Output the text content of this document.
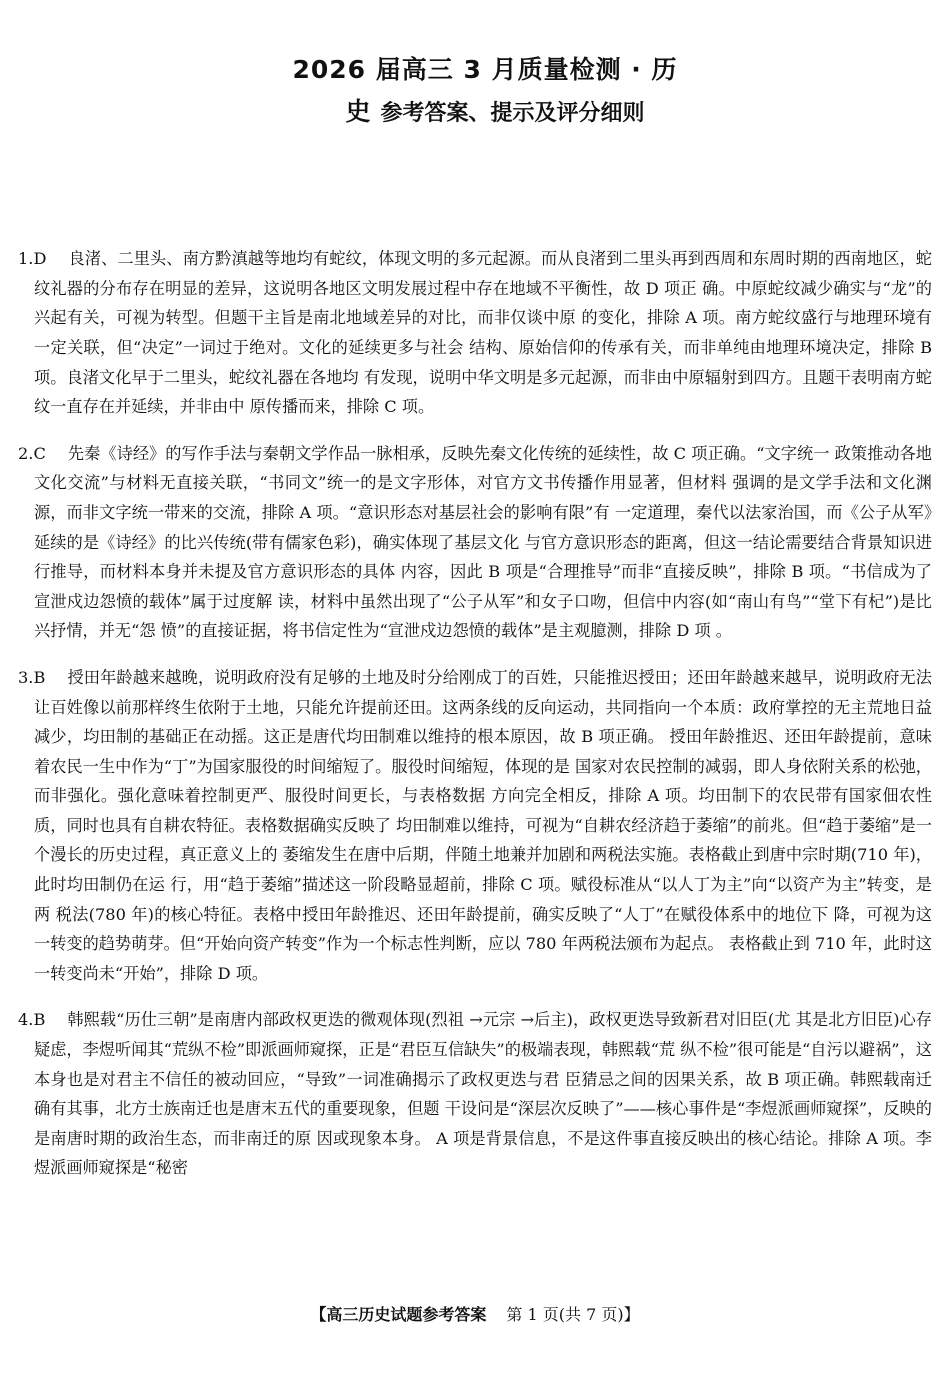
2026 届高三 3 月质量检测 · 历
史 参考答案、提示及评分细则

1.D 良渚、二里头、南方黔滇越等地均有蛇纹，体现文明的多元起源。而从良渚到二里头再到西周和东周时期的西南地区，蛇纹礼器的分布存在明显的差异，这说明各地区文明发展过程中存在地域不平衡性，故 D 项正 确。中原蛇纹减少确实与“龙”的兴起有关，可视为转型。但题干主旨是南北地域差异的对比，而非仅谈中原 的变化，排除 A 项。南方蛇纹盛行与地理环境有一定关联，但“决定”一词过于绝对。文化的延续更多与社会 结构、原始信仰的传承有关，而非单纯由地理环境决定，排除 B 项。良渚文化早于二里头，蛇纹礼器在各地均 有发现，说明中华文明是多元起源，而非由中原辐射到四方。且题干表明南方蛇纹一直存在并延续，并非由中 原传播而来，排除 C 项。

2.C 先秦《诗经》的写作手法与秦朝文学作品一脉相承，反映先秦文化传统的延续性，故 C 项正确。“文字统一 政策推动各地文化交流”与材料无直接关联，“书同文”统一的是文字形体，对官方文书传播作用显著，但材料 强调的是文学手法和文化渊源，而非文字统一带来的交流，排除 A 项。“意识形态对基层社会的影响有限”有 一定道理，秦代以法家治国，而《公子从军》延续的是《诗经》的比兴传统(带有儒家色彩)，确实体现了基层文化 与官方意识形态的距离，但这一结论需要结合背景知识进行推导，而材料本身并未提及官方意识形态的具体 内容，因此 B 项是“合理推导”而非“直接反映”，排除 B 项。“书信成为了宣泄戍边怨愤的载体”属于过度解 读，材料中虽然出现了“公子从军”和女子口吻，但信中内容(如“南山有鸟”“堂下有杞”)是比兴抒情，并无“怨 愤”的直接证据，将书信定性为“宣泄戍边怨愤的载体”是主观臆测，排除 D 项 。

3.B 授田年龄越来越晚，说明政府没有足够的土地及时分给刚成丁的百姓，只能推迟授田；还田年龄越来越早，说明政府无法让百姓像以前那样终生依附于土地，只能允许提前还田。这两条线的反向运动，共同指向一个本质：政府掌控的无主荒地日益减少，均田制的基础正在动摇。这正是唐代均田制难以维持的根本原因，故 B 项正确。 授田年龄推迟、还田年龄提前，意味着农民一生中作为“丁”为国家服役的时间缩短了。服役时间缩短，体现的是 国家对农民控制的减弱，即人身依附关系的松弛，而非强化。强化意味着控制更严、服役时间更长，与表格数据 方向完全相反，排除 A 项。均田制下的农民带有国家佃农性质，同时也具有自耕农特征。表格数据确实反映了 均田制难以维持，可视为“自耕农经济趋于萎缩”的前兆。但“趋于萎缩”是一个漫长的历史过程，真正意义上的 萎缩发生在唐中后期，伴随土地兼并加剧和两税法实施。表格截止到唐中宗时期(710 年)，此时均田制仍在运 行，用“趋于萎缩”描述这一阶段略显超前，排除 C 项。赋役标准从“以人丁为主”向“以资产为主”转变，是两 税法(780 年)的核心特征。表格中授田年龄推迟、还田年龄提前，确实反映了“人丁”在赋役体系中的地位下 降，可视为这一转变的趋势萌芽。但“开始向资产转变”作为一个标志性判断，应以 780 年两税法颁布为起点。 表格截止到 710 年，此时这一转变尚未“开始”，排除 D 项。

4.B 韩熙载“历仕三朝”是南唐内部政权更迭的微观体现(烈祖 →元宗 →后主)，政权更迭导致新君对旧臣(尤 其是北方旧臣)心存疑虑，李煜听闻其“荒纵不检”即派画师窥探，正是“君臣互信缺失”的极端表现，韩熙载“荒 纵不检”很可能是“自污以避祸”，这本身也是对君主不信任的被动回应，“导致”一词准确揭示了政权更迭与君 臣猜忌之间的因果关系，故 B 项正确。韩熙载南迁确有其事，北方士族南迁也是唐末五代的重要现象，但题 干设问是“深层次反映了”——核心事件是“李煜派画师窥探”，反映的是南唐时期的政治生态，而非南迁的原 因或现象本身。 A 项是背景信息，不是这件事直接反映出的核心结论。排除 A 项。李煜派画师窥探是“秘密

【高三历史试题参考答案 第 1 页(共 7 页)】
